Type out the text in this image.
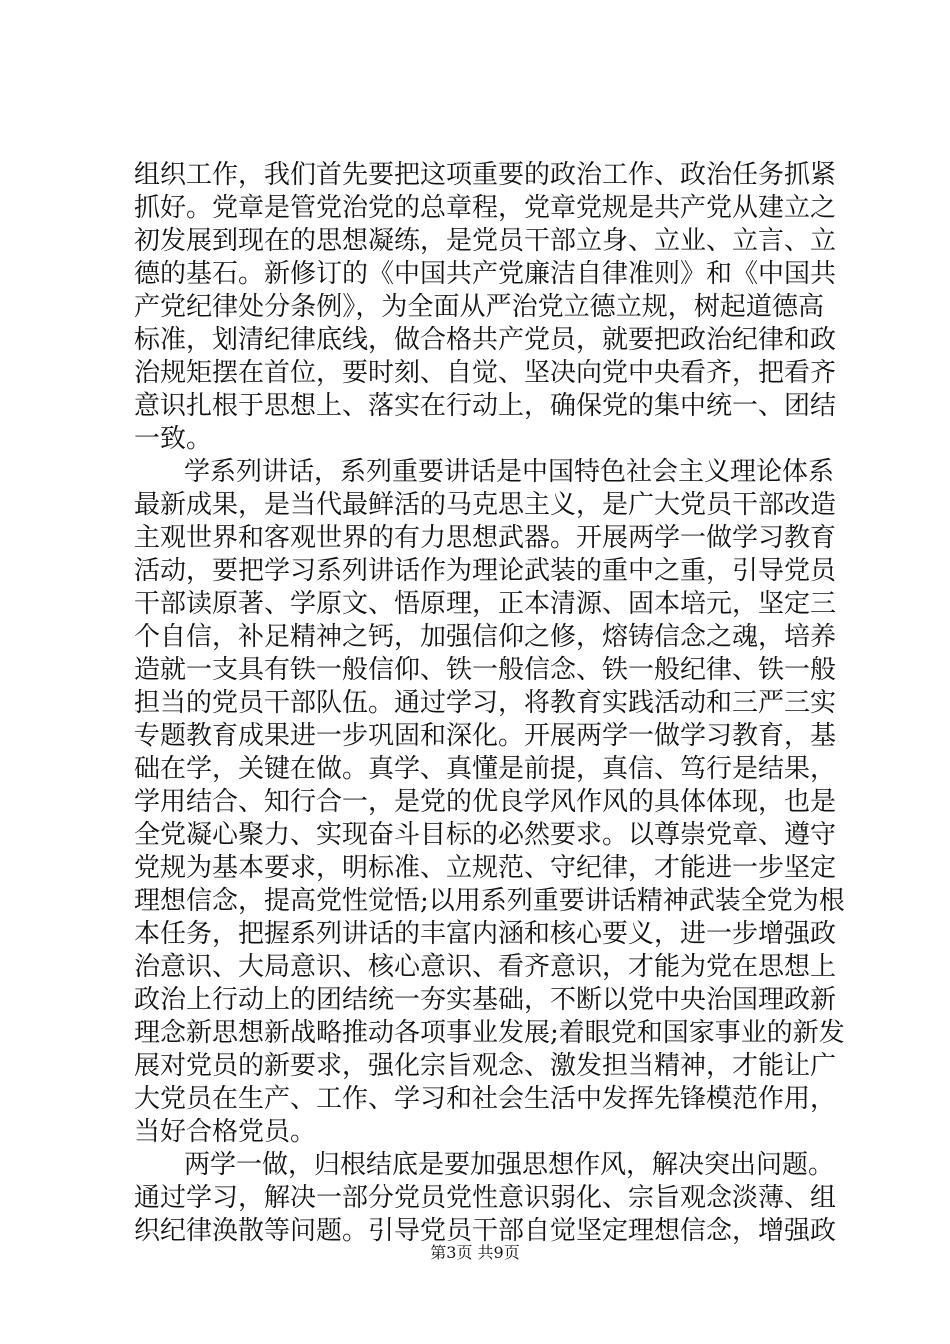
组织工作，我们首先要把这项重要的政治工作、政治任务抓紧
抓好。党章是管党治党的总章程，党章党规是共产党从建立之
初发展到现在的思想凝练，是党员干部立身、立业、立言、立
德的基石。新修订的《中国共产党廉洁自律准则》和《中国共
产党纪律处分条例》，为全面从严治党立德立规，树起道德高
标准，划清纪律底线，做合格共产党员，就要把政治纪律和政
治规矩摆在首位，要时刻、自觉、坚决向党中央看齐，把看齐
意识扎根于思想上、落实在行动上，确保党的集中统一、团结
一致。
学系列讲话，系列重要讲话是中国特色社会主义理论体系
最新成果，是当代最鲜活的马克思主义，是广大党员干部改造
主观世界和客观世界的有力思想武器。开展两学一做学习教育
活动，要把学习系列讲话作为理论武装的重中之重，引导党员
干部读原著、学原文、悟原理，正本清源、固本培元，坚定三
个自信，补足精神之钙，加强信仰之修，熔铸信念之魂，培养
造就一支具有铁一般信仰、铁一般信念、铁一般纪律、铁一般
担当的党员干部队伍。通过学习，将教育实践活动和三严三实
专题教育成果进一步巩固和深化。开展两学一做学习教育，基
础在学，关键在做。真学、真懂是前提，真信、笃行是结果，
学用结合、知行合一，是党的优良学风作风的具体体现，也是
全党凝心聚力、实现奋斗目标的必然要求。以尊崇党章、遵守
党规为基本要求，明标准、立规范、守纪律，才能进一步坚定
理想信念，提高党性觉悟;以用系列重要讲话精神武装全党为根
本任务，把握系列讲话的丰富内涵和核心要义，进一步增强政
治意识、大局意识、核心意识、看齐意识，才能为党在思想上
政治上行动上的团结统一夯实基础，不断以党中央治国理政新
理念新思想新战略推动各项事业发展;着眼党和国家事业的新发
展对党员的新要求，强化宗旨观念、激发担当精神，才能让广
大党员在生产、工作、学习和社会生活中发挥先锋模范作用，
当好合格党员。
两学一做，归根结底是要加强思想作风，解决突出问题。
通过学习，解决一部分党员党性意识弱化、宗旨观念淡薄、组
织纪律涣散等问题。引导党员干部自觉坚定理想信念，增强政
第3页 共9页
